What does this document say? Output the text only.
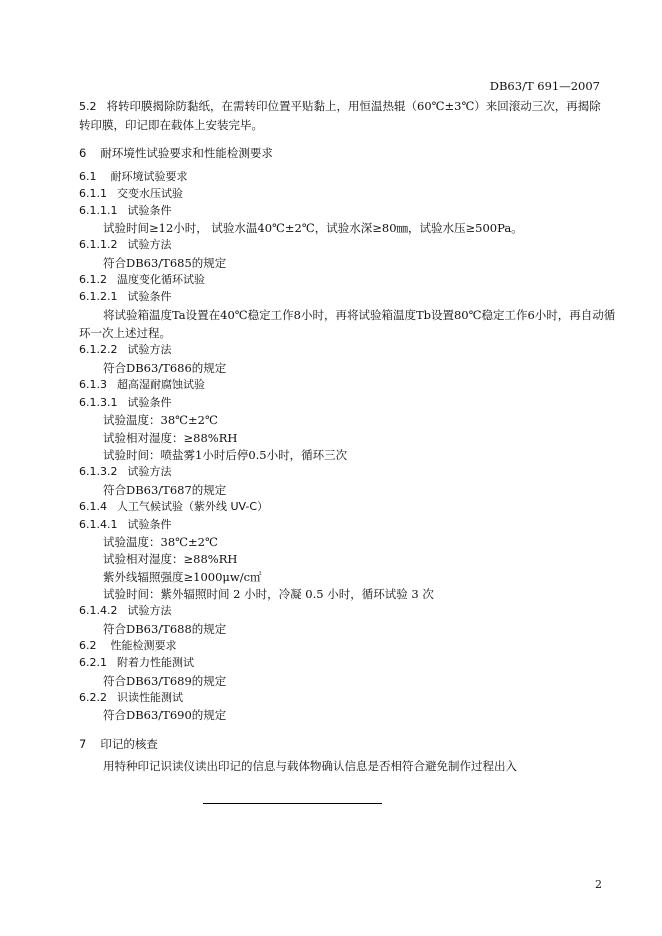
DB63/T 691—2007
5.2 将转印膜揭除防黏纸，在需转印位置平贴黏上，用恒温热辊（60℃±3℃）来回滚动三次，再揭除
转印膜，印记即在载体上安装完毕。
6 耐环境性试验要求和性能检测要求
6.1 耐环境试验要求
6.1.1 交变水压试验
6.1.1.1 试验条件
试验时间≥12小时， 试验水温40℃±2℃，试验水深≥80㎜，试验水压≥500Pa。
6.1.1.2 试验方法
符合DB63/T685的规定
6.1.2 温度变化循环试验
6.1.2.1 试验条件
将试验箱温度Ta设置在40℃稳定工作8小时，再将试验箱温度Tb设置80℃稳定工作6小时，再自动循
环一次上述过程。
6.1.2.2 试验方法
符合DB63/T686的规定
6.1.3 超高湿耐腐蚀试验
6.1.3.1 试验条件
试验温度：38℃±2℃
试验相对湿度：≥88%RH
试验时间：喷盐雾1小时后停0.5小时，循环三次
6.1.3.2 试验方法
符合DB63/T687的规定
6.1.4 人工气候试验（紫外线 UV-C）
6.1.4.1 试验条件
试验温度：38℃±2℃
试验相对湿度：≥88%RH
紫外线辐照强度≥1000μw/c㎡
试验时间：紫外辐照时间 2 小时，冷凝 0.5 小时，循环试验 3 次
6.1.4.2 试验方法
符合DB63/T688的规定
6.2 性能检测要求
6.2.1 附着力性能测试
符合DB63/T689的规定
6.2.2 识读性能测试
符合DB63/T690的规定
7 印记的核查
用特种印记识读仪读出印记的信息与载体物确认信息是否相符合避免制作过程出入
2
